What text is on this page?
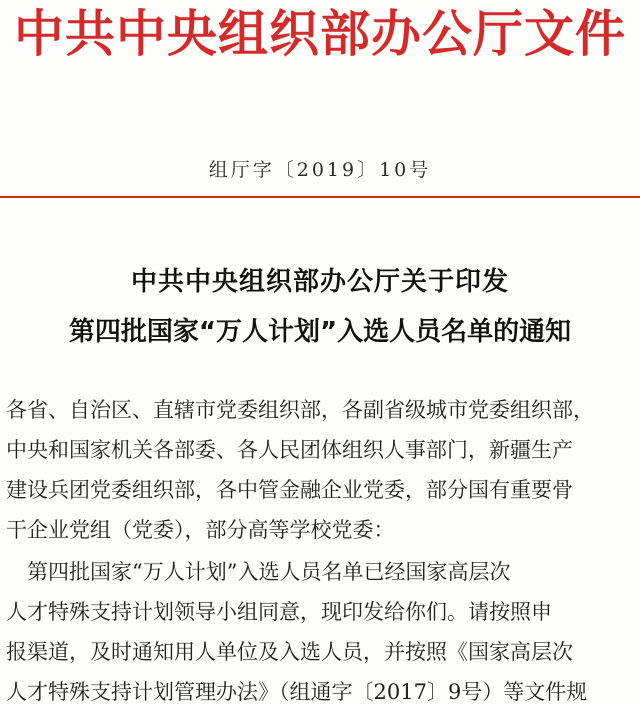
中共中央组织部办公厅文件
组厅字〔2019〕10号
中共中央组织部办公厅关于印发
第四批国家“万人计划”入选人员名单的通知
各省、自治区、直辖市党委组织部，各副省级城市党委组织部，
中央和国家机关各部委、各人民团体组织人事部门，新疆生产
建设兵团党委组织部，各中管金融企业党委，部分国有重要骨
干企业党组（党委），部分高等学校党委：
　第四批国家“万人计划”入选人员名单已经国家高层次
人才特殊支持计划领导小组同意，现印发给你们。请按照申
报渠道，及时通知用人单位及入选人员，并按照《国家高层次
人才特殊支持计划管理办法》（组通字〔2017〕9号）等文件规
